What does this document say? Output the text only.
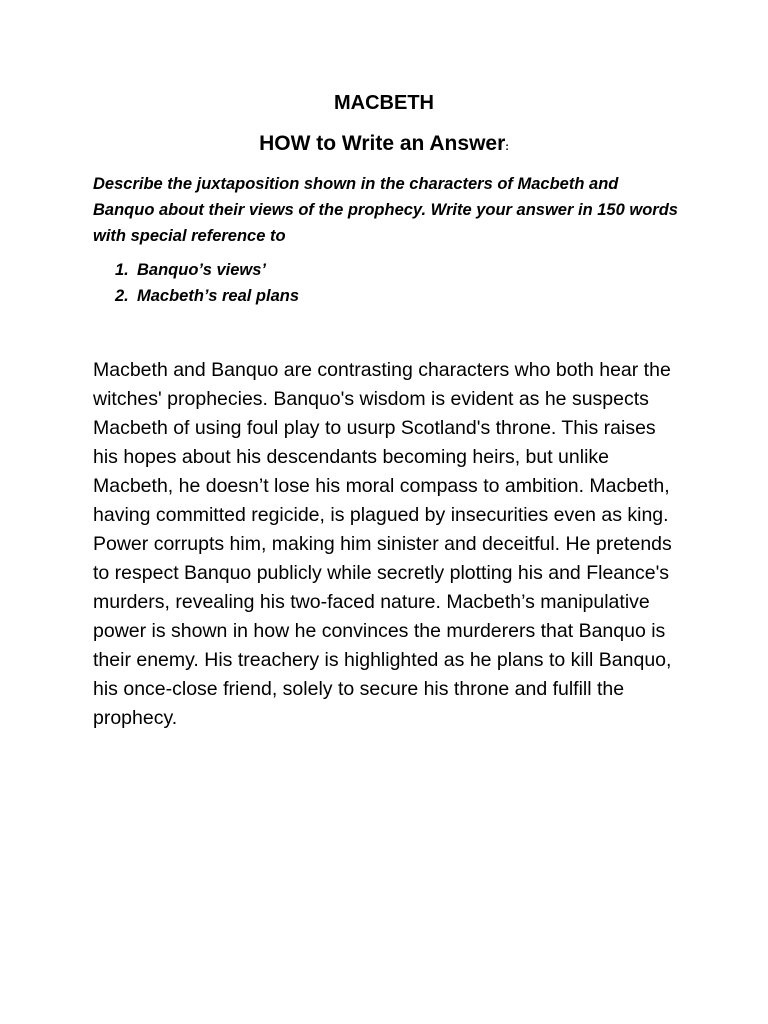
MACBETH
HOW to Write an Answer:

Describe the juxtaposition shown in the characters of Macbeth and Banquo about their views of the prophecy. Write your answer in 150 words with special reference to

1. Banquo’s views’
2. Macbeth’s real plans

Macbeth and Banquo are contrasting characters who both hear the witches' prophecies. Banquo's wisdom is evident as he suspects Macbeth of using foul play to usurp Scotland's throne. This raises his hopes about his descendants becoming heirs, but unlike Macbeth, he doesn’t lose his moral compass to ambition. Macbeth, having committed regicide, is plagued by insecurities even as king. Power corrupts him, making him sinister and deceitful. He pretends to respect Banquo publicly while secretly plotting his and Fleance's murders, revealing his two-faced nature. Macbeth’s manipulative power is shown in how he convinces the murderers that Banquo is their enemy. His treachery is highlighted as he plans to kill Banquo, his once-close friend, solely to secure his throne and fulfill the prophecy.
